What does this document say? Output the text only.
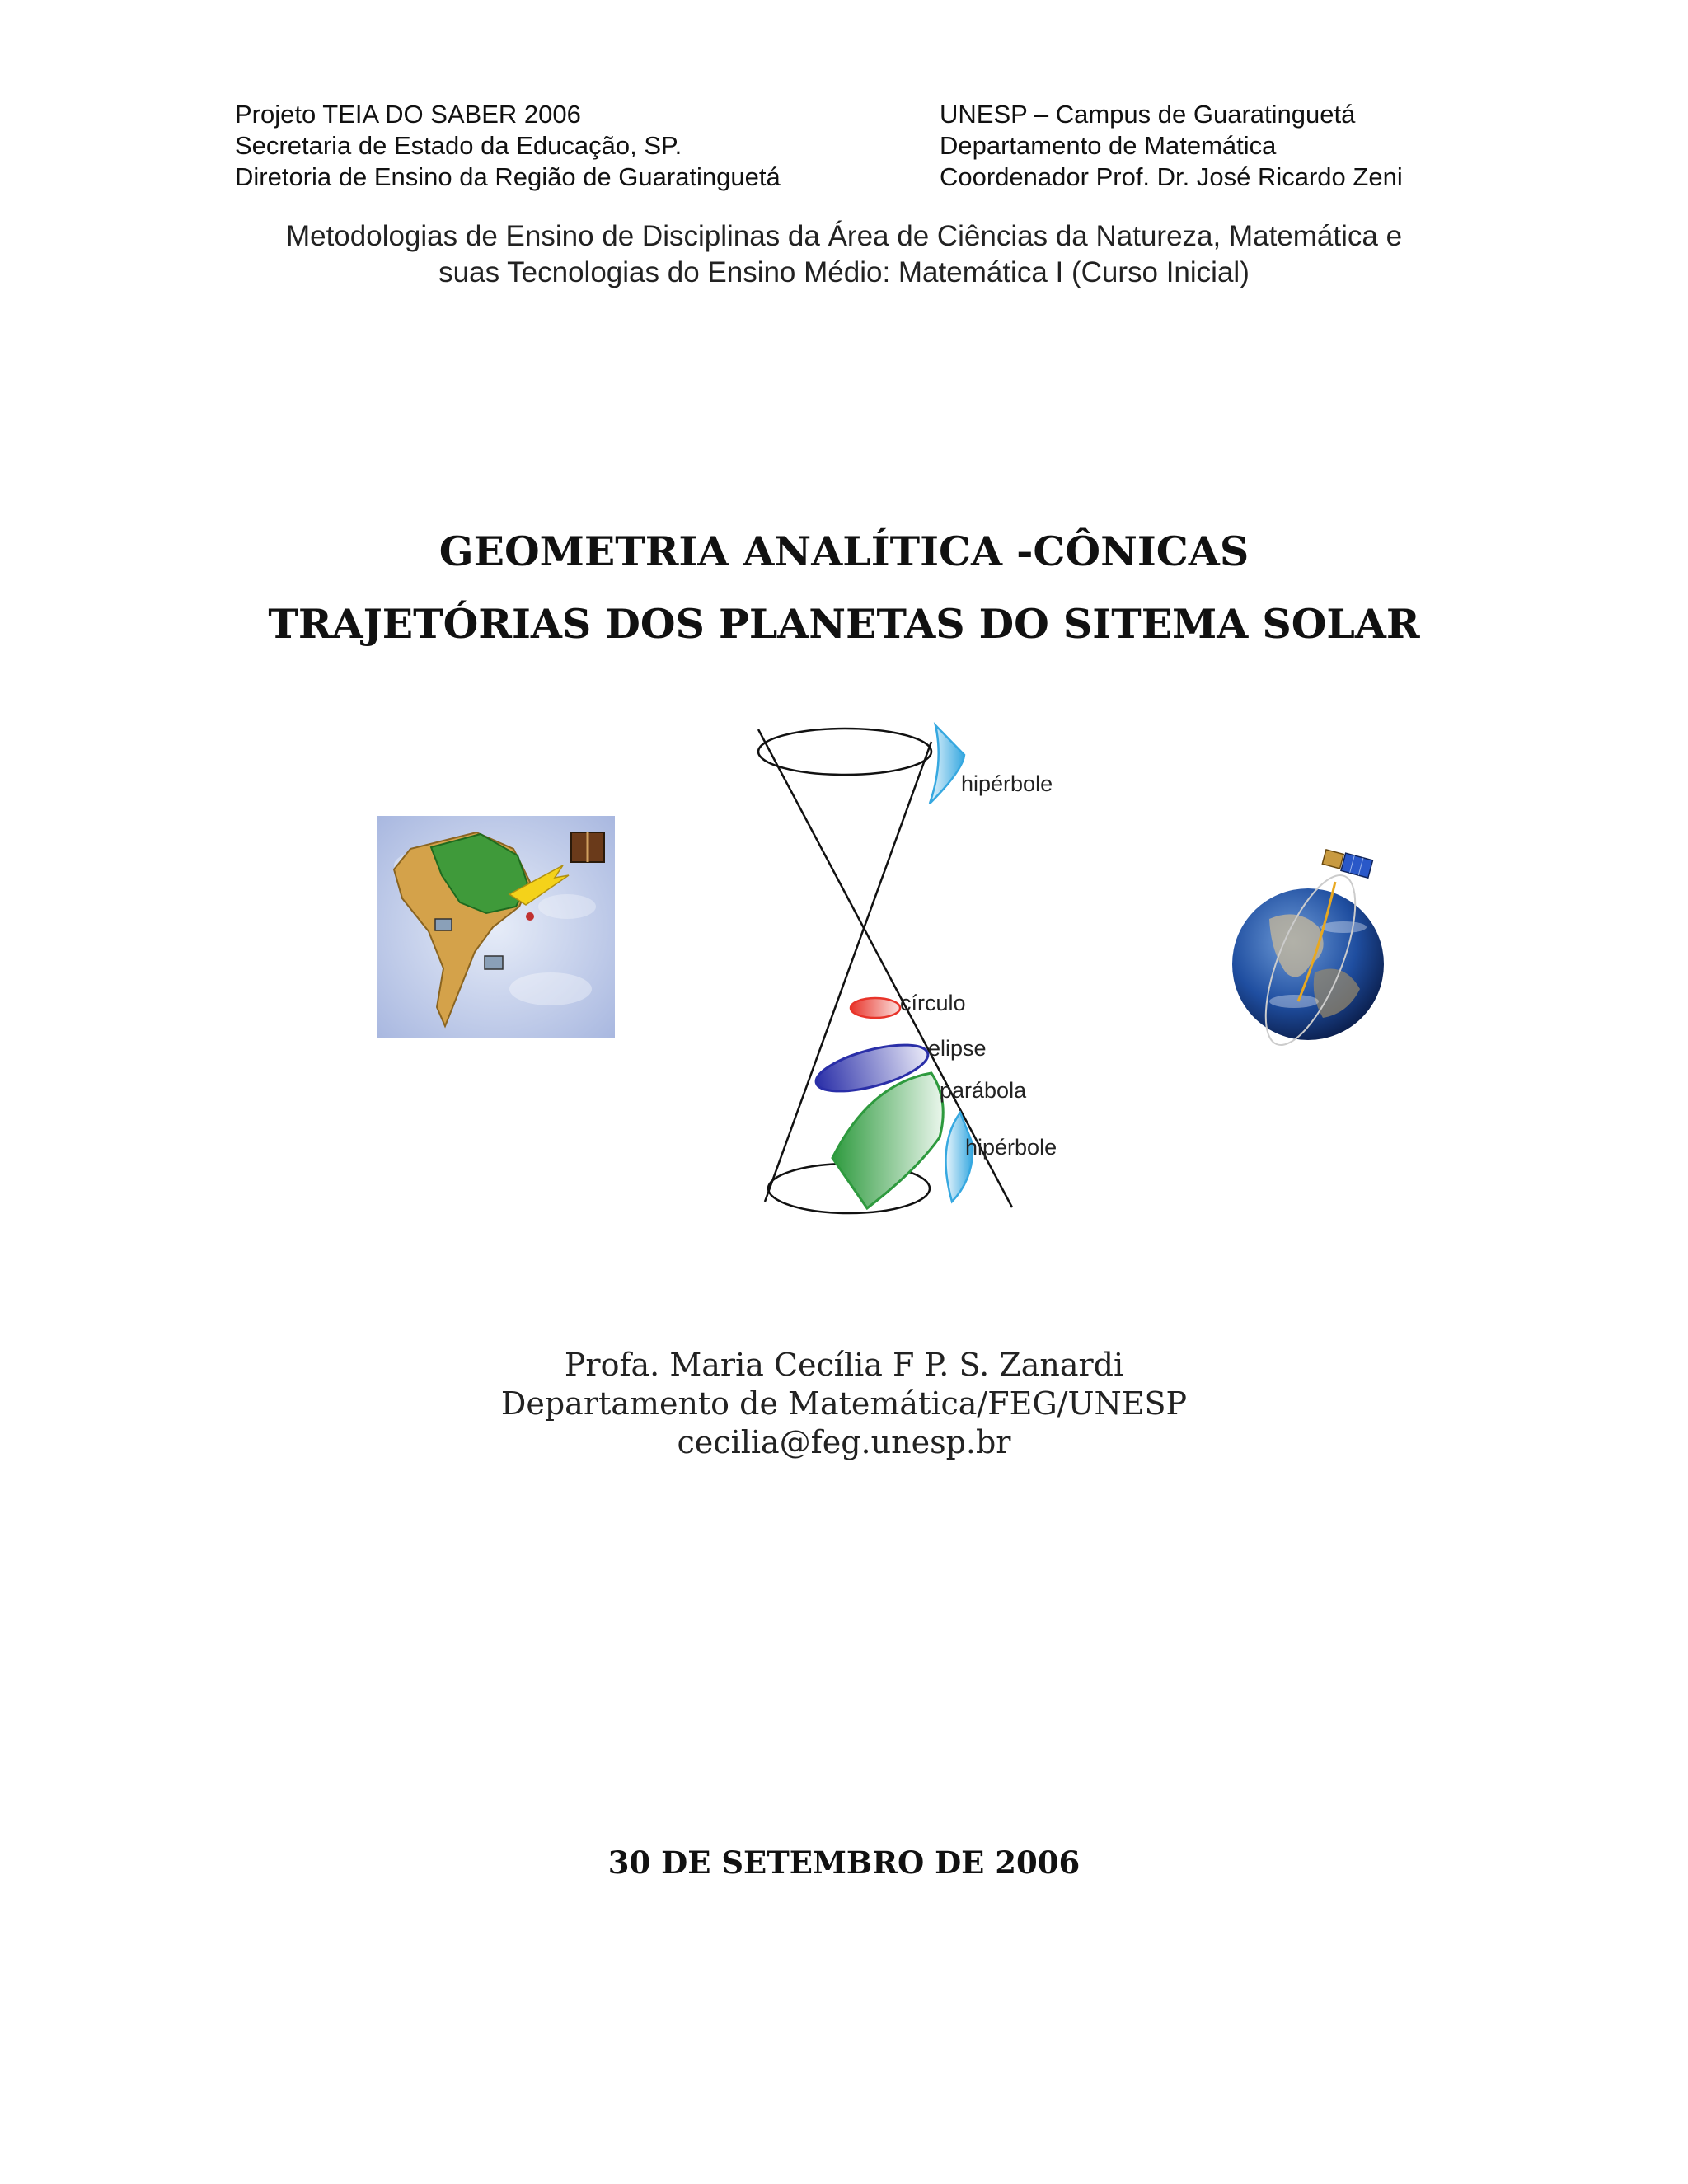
Projeto TEIA DO SABER 2006
Secretaria de Estado da Educação, SP.
Diretoria de Ensino da Região de Guaratinguetá
UNESP – Campus de Guaratinguetá
Departamento de Matemática
Coordenador Prof. Dr. José Ricardo Zeni
Metodologias de Ensino de Disciplinas da Área de Ciências da Natureza, Matemática e
suas Tecnologias do Ensino Médio: Matemática I (Curso Inicial)
GEOMETRIA ANALÍTICA -CÔNICAS
TRAJETÓRIAS DOS PLANETAS DO SITEMA SOLAR
hipérbole
círculo
elipse
parábola
hipérbole
Profa. Maria Cecília F P. S. Zanardi
Departamento de Matemática/FEG/UNESP
cecilia@feg.unesp.br
30 DE SETEMBRO DE 2006
